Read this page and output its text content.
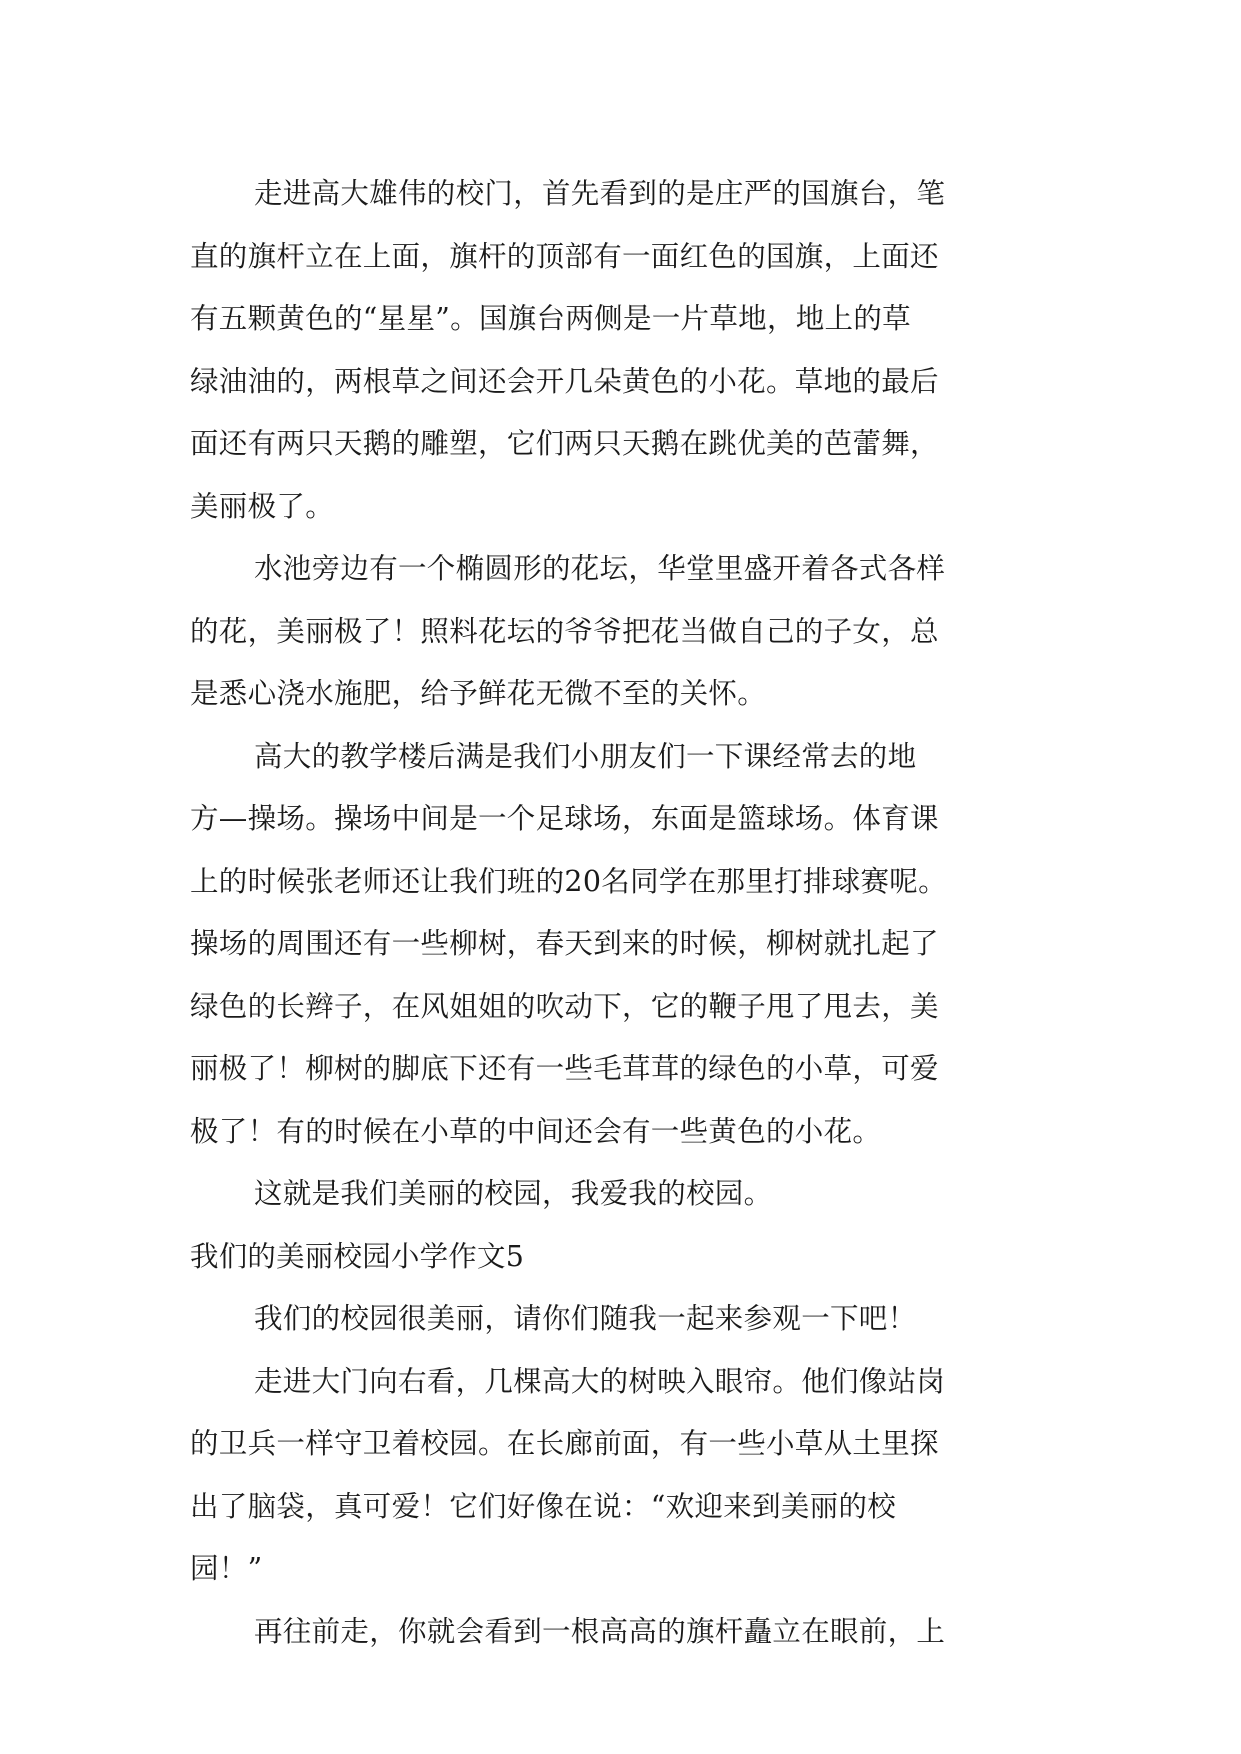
走进高大雄伟的校门，首先看到的是庄严的国旗台，笔
直的旗杆立在上面，旗杆的顶部有一面红色的国旗，上面还
有五颗黄色的“星星”。国旗台两侧是一片草地，地上的草
绿油油的，两根草之间还会开几朵黄色的小花。草地的最后
面还有两只天鹅的雕塑，它们两只天鹅在跳优美的芭蕾舞，
美丽极了。
水池旁边有一个椭圆形的花坛，华堂里盛开着各式各样
的花，美丽极了！照料花坛的爷爷把花当做自己的子女，总
是悉心浇水施肥，给予鲜花无微不至的关怀。
高大的教学楼后满是我们小朋友们一下课经常去的地
方—操场。操场中间是一个足球场，东面是篮球场。体育课
上的时候张老师还让我们班的20名同学在那里打排球赛呢。
操场的周围还有一些柳树，春天到来的时候，柳树就扎起了
绿色的长辫子，在风姐姐的吹动下，它的鞭子甩了甩去，美
丽极了！柳树的脚底下还有一些毛茸茸的绿色的小草，可爱
极了！有的时候在小草的中间还会有一些黄色的小花。
这就是我们美丽的校园，我爱我的校园。
我们的美丽校园小学作文5
我们的校园很美丽，请你们随我一起来参观一下吧！
走进大门向右看，几棵高大的树映入眼帘。他们像站岗
的卫兵一样守卫着校园。在长廊前面，有一些小草从土里探
出了脑袋，真可爱！它们好像在说：“欢迎来到美丽的校
园！”
再往前走，你就会看到一根高高的旗杆矗立在眼前，上
